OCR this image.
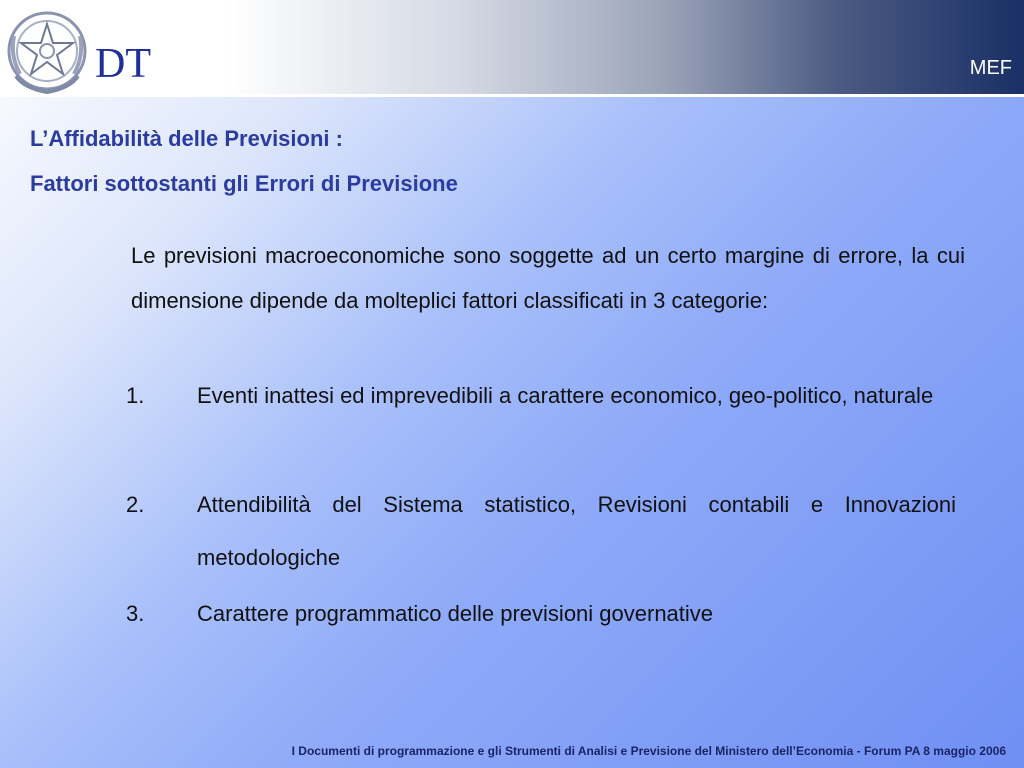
DT	MEF
L’Affidabilità delle Previsioni :
Fattori sottostanti gli Errori di Previsione
Le previsioni macroeconomiche sono soggette ad un certo margine di errore, la cui dimensione dipende da molteplici fattori classificati in 3 categorie:
1.	Eventi inattesi ed imprevedibili a carattere economico, geo-politico, naturale
2.	Attendibilità del Sistema statistico, Revisioni contabili e Innovazioni metodologiche
3.	Carattere programmatico delle previsioni governative
I Documenti di programmazione e gli Strumenti di Analisi e Previsione del Ministero dell’Economia - Forum PA 8 maggio 2006
